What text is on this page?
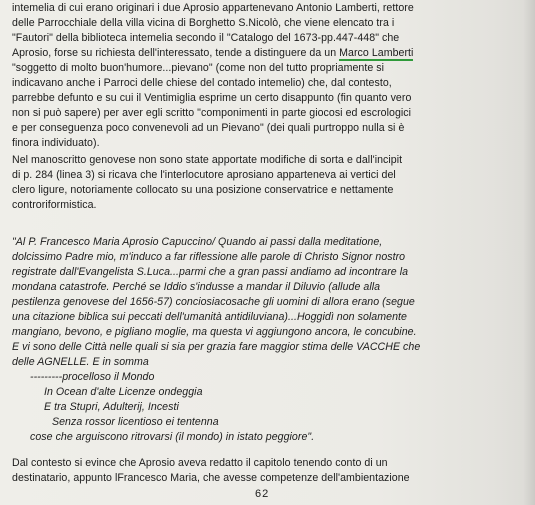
intemelia di cui erano originari i due Aprosio appartenevano Antonio Lamberti, rettore
delle Parrocchiale della villa vicina di Borghetto S.Nicolò, che viene elencato tra i
"Fautori" della biblioteca intemelia secondo il "Catalogo del 1673-pp.447-448" che
Aprosio, forse su richiesta dell'interessato, tende a distinguere da un Marco Lamberti
"soggetto di molto buon'humore...pievano" (come non del tutto propriamente si
indicavano anche i Parroci delle chiese del contado intemelio) che, dal contesto,
parrebbe defunto e su cui il Ventimiglia esprime un certo disappunto (fin quanto vero
non si può sapere) per aver egli scritto "componimenti in parte giocosi ed escrologici
e per conseguenza poco convenevoli ad un Pievano" (dei quali purtroppo nulla si è
finora individuato).
Nel manoscritto genovese non sono state apportate modifiche di sorta e dall'incipit
di p. 284 (linea 3) si ricava che l'interlocutore aprosiano apparteneva ai vertici del
clero ligure, notoriamente collocato su una posizione conservatrice e nettamente
controriformistica.
"Al P. Francesco Maria Aprosio Capuccino/ Quando ai passi dalla meditatione,
dolcissimo Padre mio, m'induco a far riflessione alle parole di Christo Signor nostro
registrate dall'Evangelista S.Luca...parmi che a gran passi andiamo ad incontrare la
mondana catastrofe. Perché se Iddio s'indusse a mandar il Diluvio (allude alla
pestilenza genovese del 1656-57) conciosiacosache gli uomini di allora erano (segue
una citazione biblica sui peccati dell'umanità antidiluviana)...Hoggidì non solamente
mangiano, bevono, e pigliano moglie, ma questa vi aggiungono ancora, le concubine.
E vi sono delle Città nelle quali si sia per grazia fare maggior stima delle VACCHE che
delle AGNELLE. E in somma
---------procelloso il Mondo
In Ocean d'alte Licenze ondeggia
E tra Stupri, Adulterij, Incesti
Senza rossor licentioso ei tentenna
cose che arguiscono ritrovarsi (il mondo) in istato peggiore".
Dal contesto si evince che Aprosio aveva redatto il capitolo tenendo conto di un
destinatario, appunto lFrancesco Maria, che avesse competenze dell'ambientazione
62
